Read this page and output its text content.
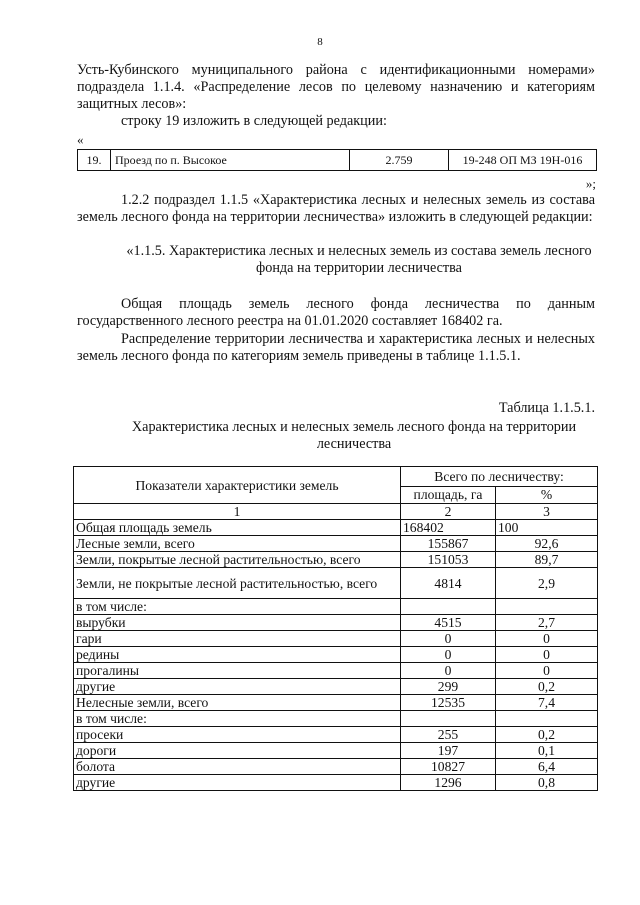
8
Усть-Кубинского муниципального района с идентификационными номерами» подраздела 1.1.4. «Распределение лесов по целевому назначению и категориям защитных лесов»:
строку 19 изложить в следующей редакции:
«
19.	Проезд по п. Высокое	2.759	19-248 ОП МЗ 19Н-016
»;
1.2.2 подраздел 1.1.5 «Характеристика лесных и нелесных земель из состава земель лесного фонда на территории лесничества» изложить в следующей редакции:
«1.1.5. Характеристика лесных и нелесных земель из состава земель лесного фонда на территории лесничества
Общая площадь земель лесного фонда лесничества по данным государственного лесного реестра на 01.01.2020 составляет 168402 га.
Распределение территории лесничества и характеристика лесных и нелесных земель лесного фонда по категориям земель приведены в таблице 1.1.5.1.
Таблица 1.1.5.1.
Характеристика лесных и нелесных земель лесного фонда на территории лесничества
Показатели характеристики земель	Всего по лесничеству:	
	площадь, га	%
1	2	3
Общая площадь земель	168402	100
Лесные земли, всего	155867	92,6
Земли, покрытые лесной растительностью, всего	151053	89,7
Земли, не покрытые лесной растительностью, всего	4814	2,9
в том числе:		
вырубки	4515	2,7
гари	0	0
редины	0	0
прогалины	0	0
другие	299	0,2
Нелесные земли, всего	12535	7,4
в том числе:		
просеки	255	0,2
дороги	197	0,1
болота	10827	6,4
другие	1296	0,8
